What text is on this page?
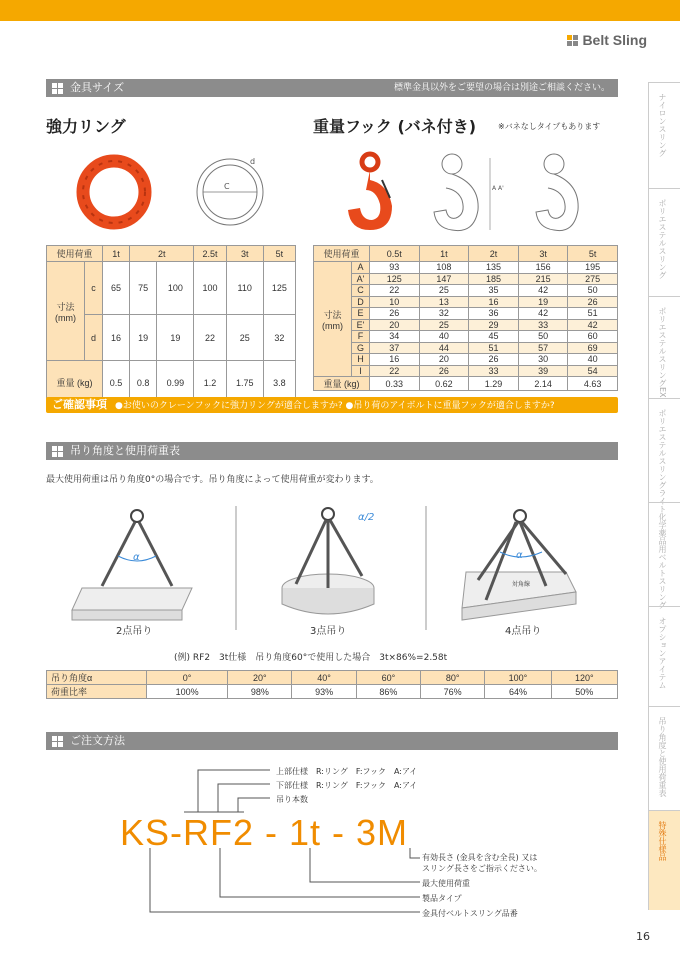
Belt Sling
ナイロンスリング
ポリエステルスリング
ポリエステルスリングEX
ポリエステルスリングライト
化学薬品用ベルトスリング
オプションアイテム
吊り角度と使用荷重表
特殊仕様品
金具サイズ	標準金具以外をご要望の場合は別途ご相談ください。
強力リング	重量フック (バネ付き)	※バネなしタイプもあります
C
d
A A'
使用荷重		1t	2t		2.5t	3t	5t
寸法
(mm)	c	65	75	100	100	110	125
	d	16	19	19	22	25	32
重量 (kg)		0.5	0.8	0.99	1.2	1.75	3.8
使用荷重		0.5t	1t	2t	3t	5t
寸法
(mm)	A	93	108	135	156	195
	A'	125	147	185	215	275
	C	22	25	35	42	50
	D	10	13	16	19	26
	E	26	32	36	42	51
	E'	20	25	29	33	42
	F	34	40	45	50	60
	G	37	44	51	57	69
	H	16	20	26	30	40
	I	22	26	33	39	54
重量 (kg)		0.33	0.62	1.29	2.14	4.63
ご確認事項 ●お使いのクレーンフックに強力リングが適合しますか? ●吊り荷のアイボルトに重量フックが適合しますか?
吊り角度と使用荷重表
最大使用荷重は吊り角度0°の場合です。吊り角度によって使用荷重が変わります。
α
α/2
α
対角線
2点吊り	3点吊り	4点吊り
(例) RF2　3t仕様　吊り角度60°で使用した場合　3t×86%=2.58t
吊り角度α	0°	20°	40°	60°	80°	100°	120°
荷重比率	100%	98%	93%	86%	76%	64%	50%
ご注文方法
上部仕様　R:リング　F:フック　A:アイ
下部仕様　R:リング　F:フック　A:アイ
吊り本数
KS-RF2 - 1t - 3M
有効長さ (金具を含む全長) 又は
スリング長さをご指示ください。
最大使用荷重
製品タイプ
金具付ベルトスリング品番
16
